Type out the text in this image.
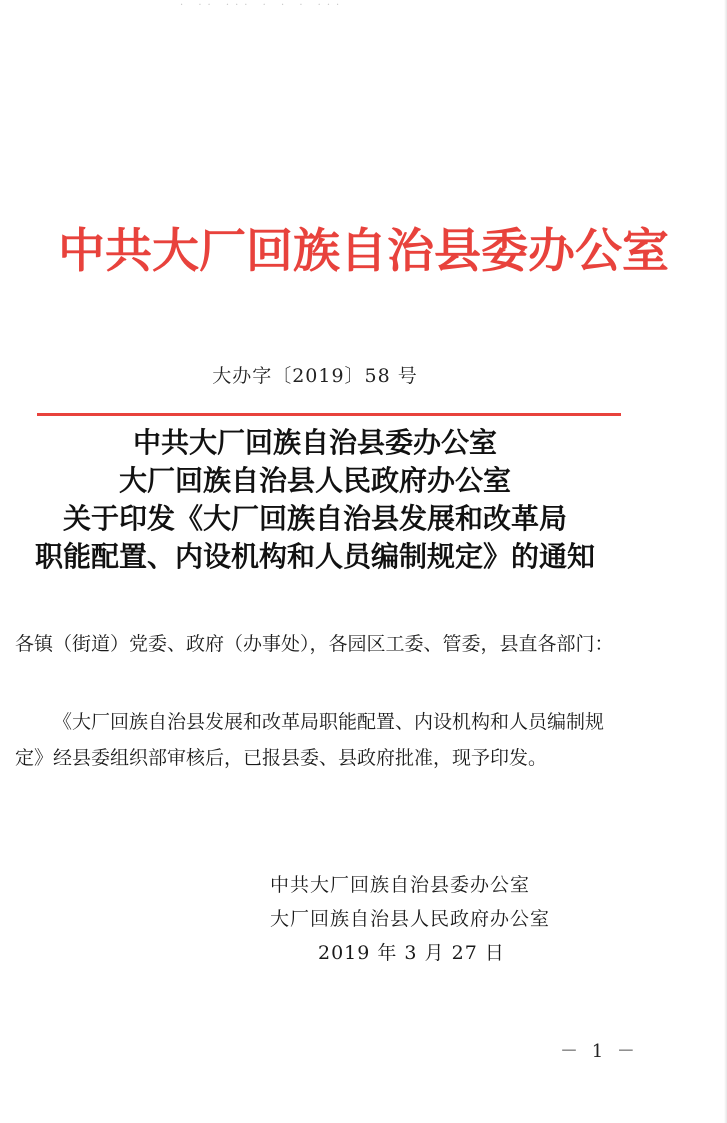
· ·· ··· · · · ···
中共大厂回族自治县委办公室
大办字〔2019〕58 号
中共大厂回族自治县委办公室
大厂回族自治县人民政府办公室
关于印发《大厂回族自治县发展和改革局
职能配置、内设机构和人员编制规定》的通知

各镇（街道）党委、政府（办事处），各园区工委、管委，县直各部门：

《大厂回族自治县发展和改革局职能配置、内设机构和人员编制规定》经县委组织部审核后，已报县委、县政府批准，现予印发。

中共大厂回族自治县委办公室
大厂回族自治县人民政府办公室
2019 年 3 月 27 日
－ 1 －
